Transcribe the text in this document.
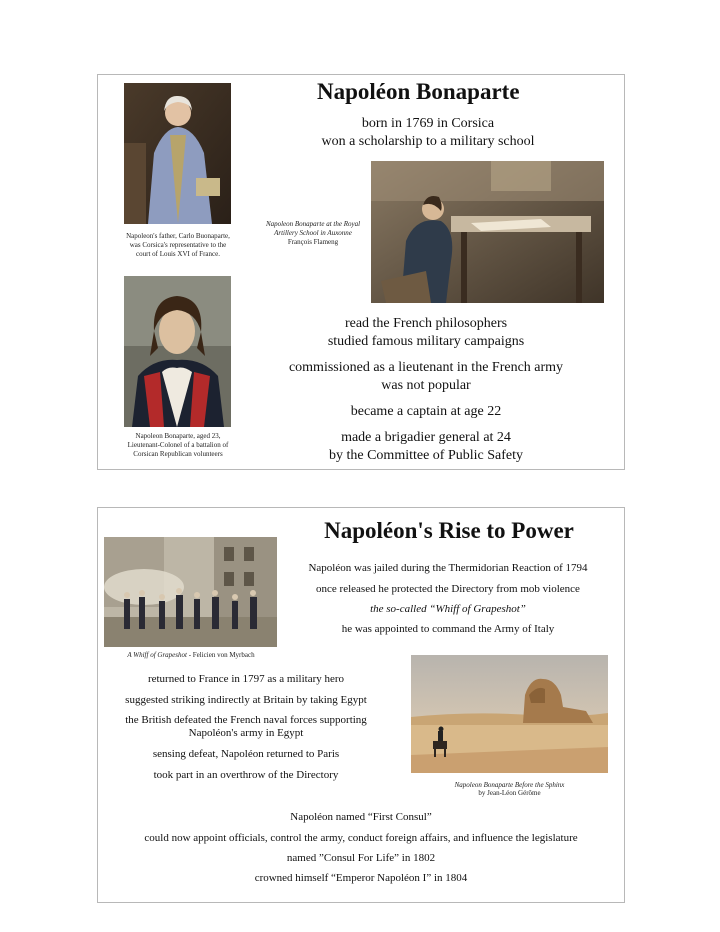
Napoléon Bonaparte
born in 1769 in Corsica
won a scholarship to a military school
Napoleon's father, Carlo Buonaparte,
was Corsica's representative to the
court of Louis XVI of France.
Napoleon Bonaparte at the Royal
Artillery School in Auxonne
François Flameng
Napoleon Bonaparte, aged 23,
Lieutenant-Colonel of a battalion of
Corsican Republican volunteers
read the French philosophers
studied famous military campaigns
commissioned as a lieutenant in the French army
was not popular
became a captain at age 22
made a brigadier general at 24
by the Committee of Public Safety
Napoléon's Rise to Power
Napoléon was jailed during the Thermidorian Reaction of 1794
once released he protected the Directory from mob violence
the so-called “Whiff of Grapeshot”
he was appointed to command the Army of Italy
A Whiff of Grapeshot - Felicien von Myrbach
returned to France in 1797 as a military hero
suggested striking indirectly at Britain by taking Egypt
the British defeated the French naval forces supporting
Napoléon's army in Egypt
sensing defeat, Napoléon returned to Paris
took part in an overthrow of the Directory
Napoleon Bonaparte Before the Sphinx
by Jean-Léon Gérôme
Napoléon named “First Consul”
could now appoint officials, control the army, conduct foreign affairs, and influence the legislature
named ”Consul For Life” in 1802
crowned himself “Emperor Napoléon I” in 1804
